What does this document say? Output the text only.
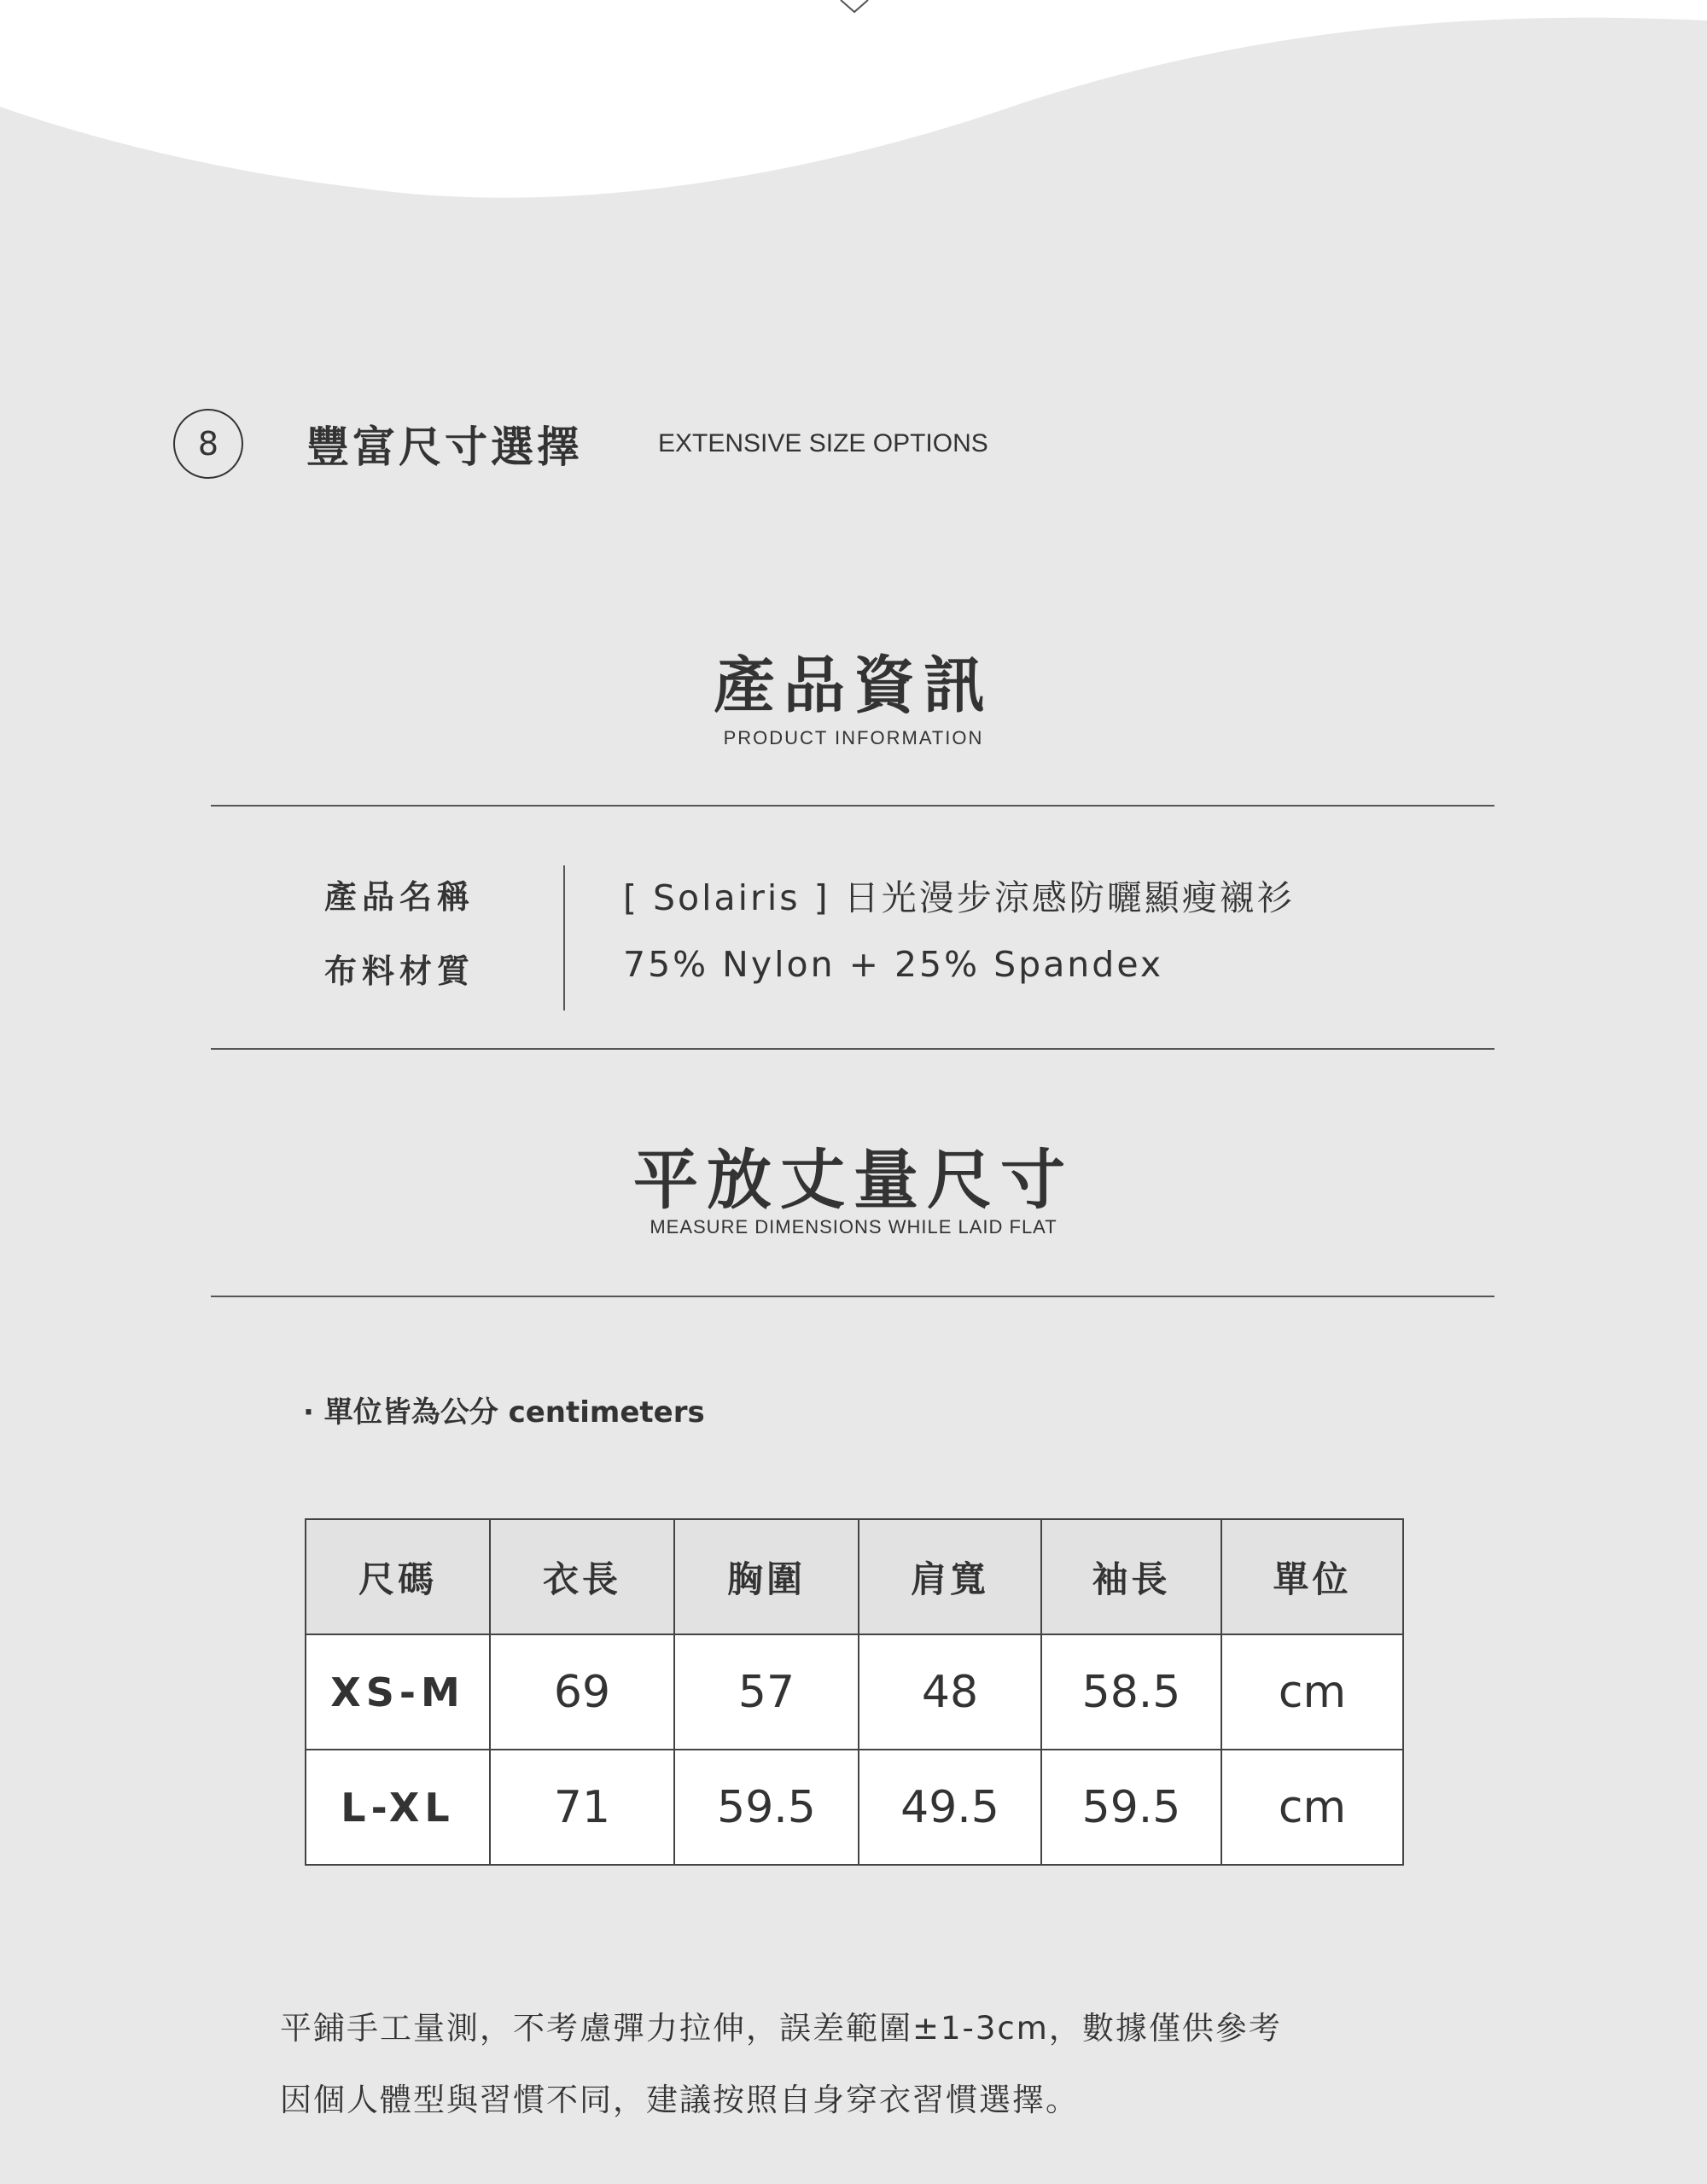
8	豐富尺寸選擇	EXTENSIVE SIZE OPTIONS
產品資訊
PRODUCT INFORMATION
產品名稱	[ Solairis ] 日光漫步涼感防曬顯瘦襯衫
布料材質	75% Nylon + 25% Spandex
平放丈量尺寸
MEASURE DIMENSIONS WHILE LAID FLAT
· 單位皆為公分 centimeters
尺碼	衣長	胸圍	肩寬	袖長	單位
XS-M	69	57	48	58.5	cm
L-XL	71	59.5	49.5	59.5	cm
平鋪手工量測，不考慮彈力拉伸，誤差範圍±1-3cm，數據僅供參考
因個人體型與習慣不同，建議按照自身穿衣習慣選擇。
